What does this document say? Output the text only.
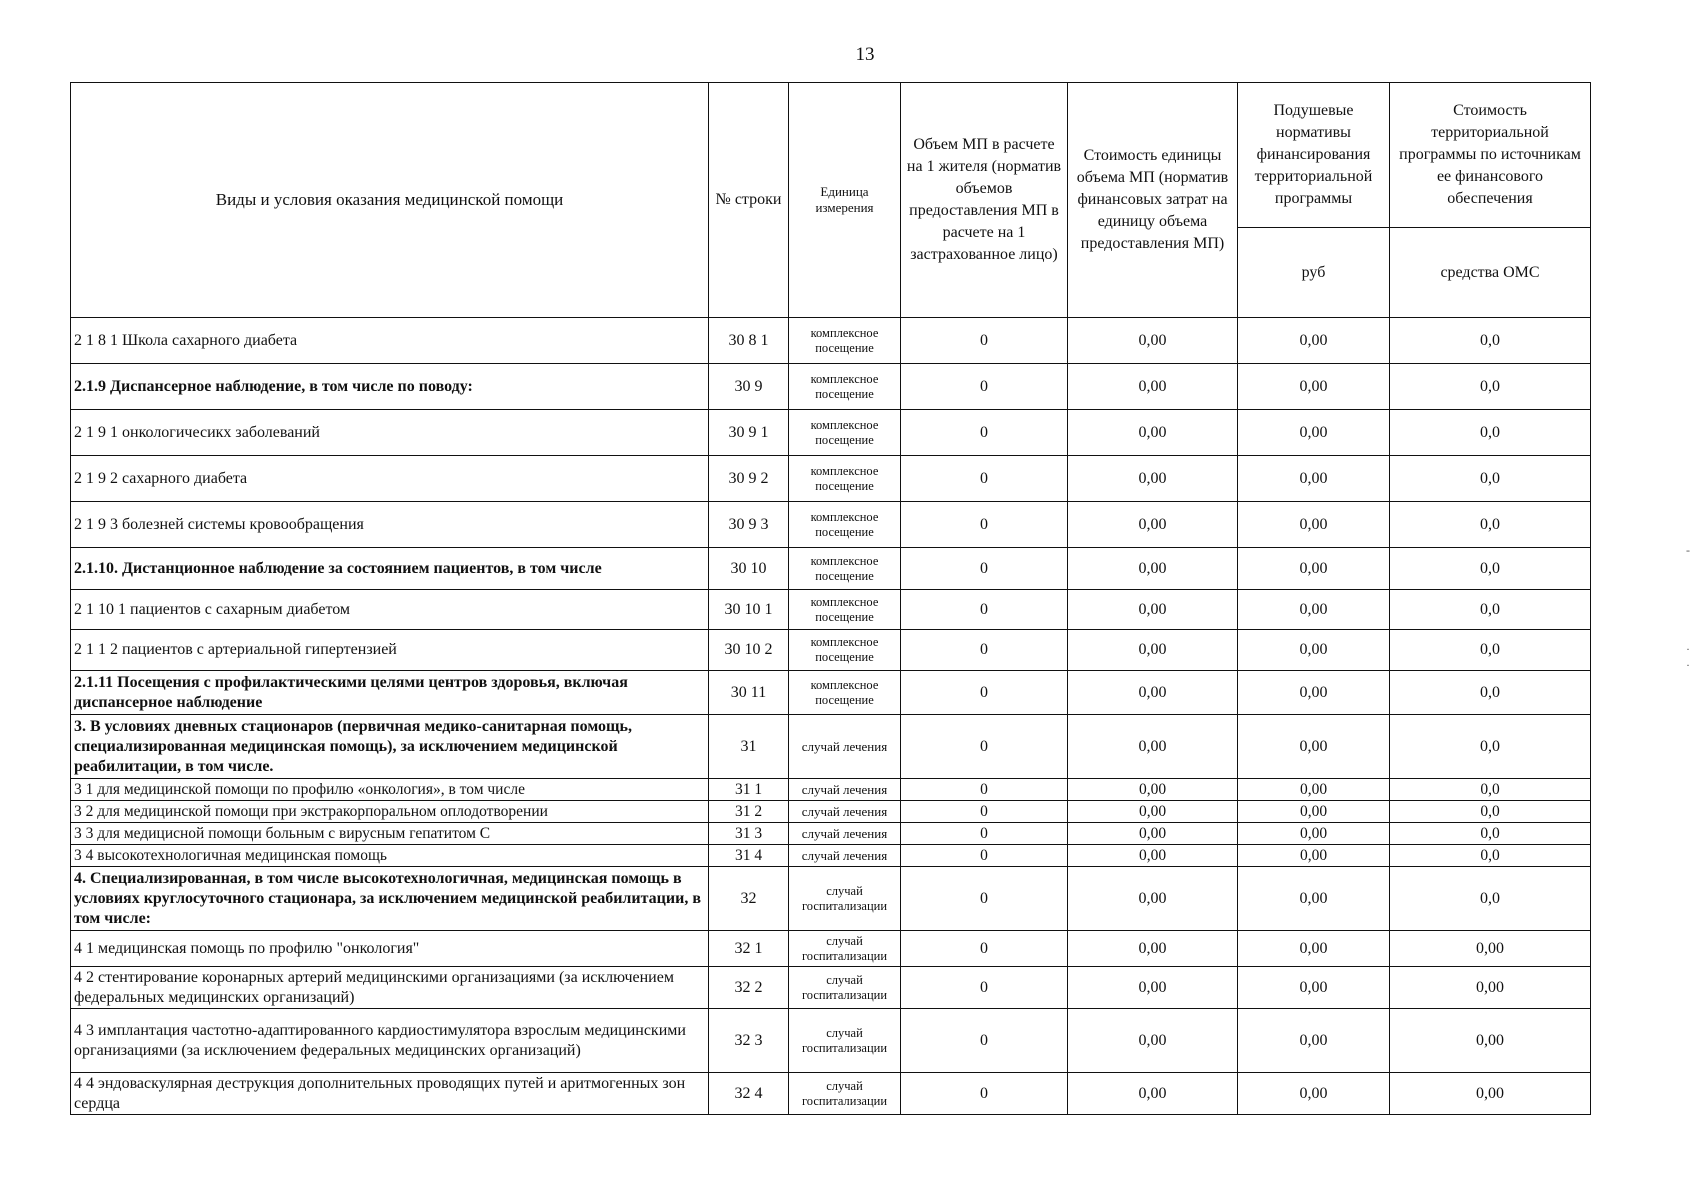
13
Виды и условия оказания медицинской помощи	№ строки	Единица измерения	Объем МП в расчете на 1 жителя (норматив объемов предоставления МП в расчете на 1 застрахованное лицо)	Стоимость единицы объема МП (норматив финансовых затрат на единицу объема предоставления МП)	Подушевые нормативы финансирования территориальной программы	Стоимость территориальной программы по источникам ее финансового обеспечения
					руб	средства ОМС
2 1 8 1 Школа сахарного диабета	30 8 1	комплексное посещение	0	0,00	0,00	0,0
2.1.9 Диспансерное наблюдение, в том числе по поводу:	30 9	комплексное посещение	0	0,00	0,00	0,0
2 1 9 1 онкологичесикх заболеваний	30 9 1	комплексное посещение	0	0,00	0,00	0,0
2 1 9 2 сахарного диабета	30 9 2	комплексное посещение	0	0,00	0,00	0,0
2 1 9 3 болезней системы кровообращения	30 9 3	комплексное посещение	0	0,00	0,00	0,0
2.1.10. Дистанционное наблюдение за состоянием пациентов, в том числе	30 10	комплексное посещение	0	0,00	0,00	0,0
2 1 10 1 пациентов с сахарным диабетом	30 10 1	комплексное посещение	0	0,00	0,00	0,0
2 1 1 2 пациентов с артериальной гипертензией	30 10 2	комплексное посещение	0	0,00	0,00	0,0
2.1.11 Посещения с профилактическими целями центров здоровья, включая диспансерное наблюдение	30 11	комплексное посещение	0	0,00	0,00	0,0
3. В условиях дневных стационаров (первичная медико-санитарная помощь, специализированная медицинская помощь), за исключением медицинской реабилитации, в том числе.	31	случай лечения	0	0,00	0,00	0,0
3 1 для медицинской помощи по профилю «онкология», в том числе	31 1	случай лечения	0	0,00	0,00	0,0
3 2 для медицинской помощи при экстракорпоральном оплодотворении	31 2	случай лечения	0	0,00	0,00	0,0
3 3 для медицисной помощи больным с вирусным гепатитом С	31 3	случай лечения	0	0,00	0,00	0,0
3 4 высокотехнологичная медицинская помощь	31 4	случай лечения	0	0,00	0,00	0,0
4. Специализированная, в том числе высокотехнологичная, медицинская помощь в условиях круглосуточного стационара, за исключением медицинской реабилитации, в том числе:	32	случай госпитализации	0	0,00	0,00	0,0
4 1 медицинская помощь по профилю "онкология"	32 1	случай госпитализации	0	0,00	0,00	0,00
4 2 стентирование коронарных артерий медицинскими организациями (за исключением федеральных медицинских организаций)	32 2	случай госпитализации	0	0,00	0,00	0,00
4 3 имплантация частотно-адаптированного кардиостимулятора взрослым медицинскими организациями (за исключением федеральных медицинских организаций)	32 3	случай госпитализации	0	0,00	0,00	0,00
4 4 эндоваскулярная деструкция дополнительных проводящих путей и аритмогенных зон сердца	32 4	случай госпитализации	0	0,00	0,00	0,00
-
·
·
